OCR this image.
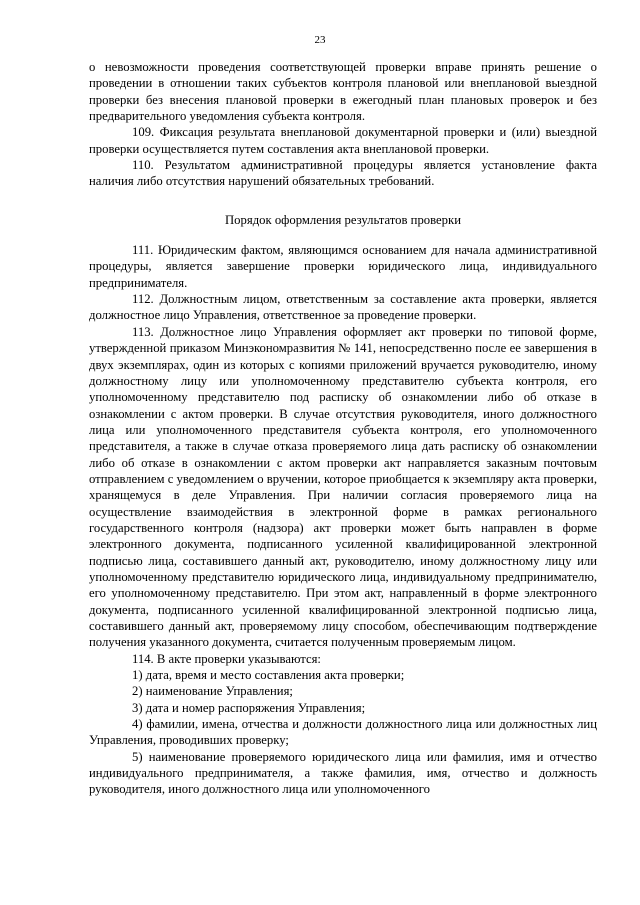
23

о невозможности проведения соответствующей проверки вправе принять решение о проведении в отношении таких субъектов контроля плановой или внеплановой выездной проверки без внесения плановой проверки в ежегодный план плановых проверок и без предварительного уведомления субъекта контроля.

109. Фиксация результата внеплановой документарной проверки и (или) выездной проверки осуществляется путем составления акта внеплановой проверки.

110. Результатом административной процедуры является установление факта наличия либо отсутствия нарушений обязательных требований.

Порядок оформления результатов проверки

111. Юридическим фактом, являющимся основанием для начала административной процедуры, является завершение проверки юридического лица, индивидуального предпринимателя.

112. Должностным лицом, ответственным за составление акта проверки, является должностное лицо Управления, ответственное за проведение проверки.

113. Должностное лицо Управления оформляет акт проверки по типовой форме, утвержденной приказом Минэкономразвития № 141, непосредственно после ее завершения в двух экземплярах, один из которых с копиями приложений вручается руководителю, иному должностному лицу или уполномоченному представителю субъекта контроля, его уполномоченному представителю под расписку об ознакомлении либо об отказе в ознакомлении с актом проверки. В случае отсутствия руководителя, иного должностного лица или уполномоченного представителя субъекта контроля, его уполномоченного представителя, а также в случае отказа проверяемого лица дать расписку об ознакомлении либо об отказе в ознакомлении с актом проверки акт направляется заказным почтовым отправлением с уведомлением о вручении, которое приобщается к экземпляру акта проверки, хранящемуся в деле Управления. При наличии согласия проверяемого лица на осуществление взаимодействия в электронной форме в рамках регионального государственного контроля (надзора) акт проверки может быть направлен в форме электронного документа, подписанного усиленной квалифицированной электронной подписью лица, составившего данный акт, руководителю, иному должностному лицу или уполномоченному представителю юридического лица, индивидуальному предпринимателю, его уполномоченному представителю. При этом акт, направленный в форме электронного документа, подписанного усиленной квалифицированной электронной подписью лица, составившего данный акт, проверяемому лицу способом, обеспечивающим подтверждение получения указанного документа, считается полученным проверяемым лицом.

114. В акте проверки указываются:

1) дата, время и место составления акта проверки;

2) наименование Управления;

3) дата и номер распоряжения Управления;

4) фамилии, имена, отчества и должности должностного лица или должностных лиц Управления, проводивших проверку;

5) наименование проверяемого юридического лица или фамилия, имя и отчество индивидуального предпринимателя, а также фамилия, имя, отчество и должность руководителя, иного должностного лица или уполномоченного
